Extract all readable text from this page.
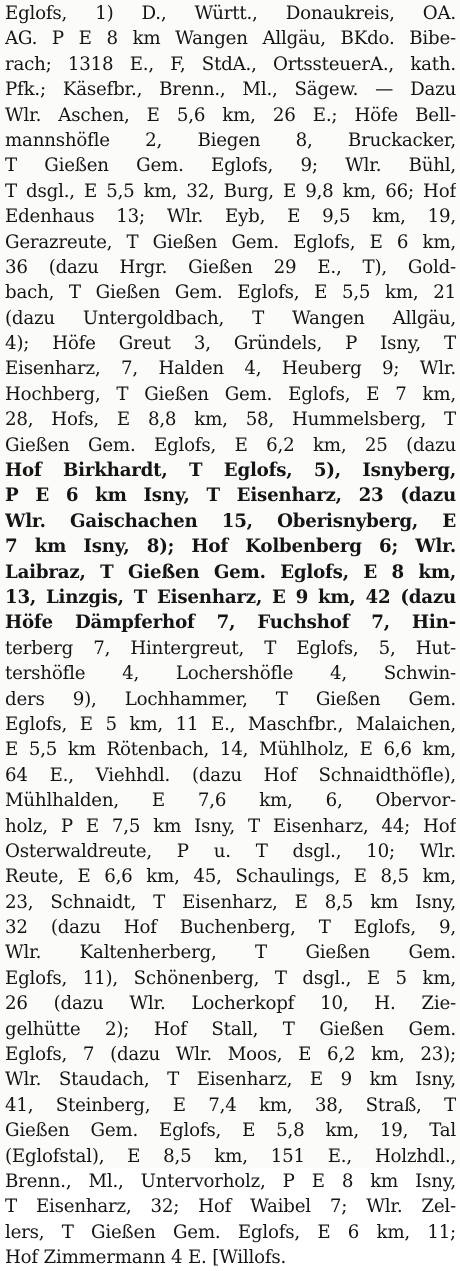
Eglofs, 1) D., Württ., Donaukreis, OA.
AG. P E 8 km Wangen Allgäu, BKdo. Bibe-
rach; 1318 E., F, StdA., OrtssteuerA., kath.
Pfk.; Käsefbr., Brenn., Ml., Sägew. — Dazu
Wlr. Aschen, E 5,6 km, 26 E.; Höfe Bell-
mannshöfle 2, Biegen 8, Bruckacker,
T Gießen Gem. Eglofs, 9; Wlr. Bühl,
T dsgl., E 5,5 km, 32, Burg, E 9,8 km, 66; Hof
Edenhaus 13; Wlr. Eyb, E 9,5 km, 19,
Gerazreute, T Gießen Gem. Eglofs, E 6 km,
36 (dazu Hrgr. Gießen 29 E., T), Gold-
bach, T Gießen Gem. Eglofs, E 5,5 km, 21
(dazu Untergoldbach, T Wangen Allgäu,
4); Höfe Greut 3, Gründels, P Isny, T
Eisenharz, 7, Halden 4, Heuberg 9; Wlr.
Hochberg, T Gießen Gem. Eglofs, E 7 km,
28, Hofs, E 8,8 km, 58, Hummelsberg, T
Gießen Gem. Eglofs, E 6,2 km, 25 (dazu
Hof Birkhardt, T Eglofs, 5), Isnyberg,
P E 6 km Isny, T Eisenharz, 23 (dazu
Wlr. Gaischachen 15, Oberisnyberg, E
7 km Isny, 8); Hof Kolbenberg 6; Wlr.
Laibraz, T Gießen Gem. Eglofs, E 8 km,
13, Linzgis, T Eisenharz, E 9 km, 42 (dazu
Höfe Dämpferhof 7, Fuchshof 7, Hin-
terberg 7, Hintergreut, T Eglofs, 5, Hut-
tershöfle 4, Lochershöfle 4, Schwin-
ders 9), Lochhammer, T Gießen Gem.
Eglofs, E 5 km, 11 E., Maschfbr., Malaichen,
E 5,5 km Rötenbach, 14, Mühlholz, E 6,6 km,
64 E., Viehhdl. (dazu Hof Schnaidthöfle),
Mühlhalden, E 7,6 km, 6, Obervor-
holz, P E 7,5 km Isny, T Eisenharz, 44; Hof
Osterwaldreute, P u. T dsgl., 10; Wlr.
Reute, E 6,6 km, 45, Schaulings, E 8,5 km,
23, Schnaidt, T Eisenharz, E 8,5 km Isny,
32 (dazu Hof Buchenberg, T Eglofs, 9,
Wlr. Kaltenherberg, T Gießen Gem.
Eglofs, 11), Schönenberg, T dsgl., E 5 km,
26 (dazu Wlr. Locherkopf 10, H. Zie-
gelhütte 2); Hof Stall, T Gießen Gem.
Eglofs, 7 (dazu Wlr. Moos, E 6,2 km, 23);
Wlr. Staudach, T Eisenharz, E 9 km Isny,
41, Steinberg, E 7,4 km, 38, Straß, T
Gießen Gem. Eglofs, E 5,8 km, 19, Tal
(Eglofstal), E 8,5 km, 151 E., Holzhdl.,
Brenn., Ml., Untervorholz, P E 8 km Isny,
T Eisenharz, 32; Hof Waibel 7; Wlr. Zel-
lers, T Gießen Gem. Eglofs, E 6 km, 11;
Hof Zimmermann 4 E. [Willofs.
